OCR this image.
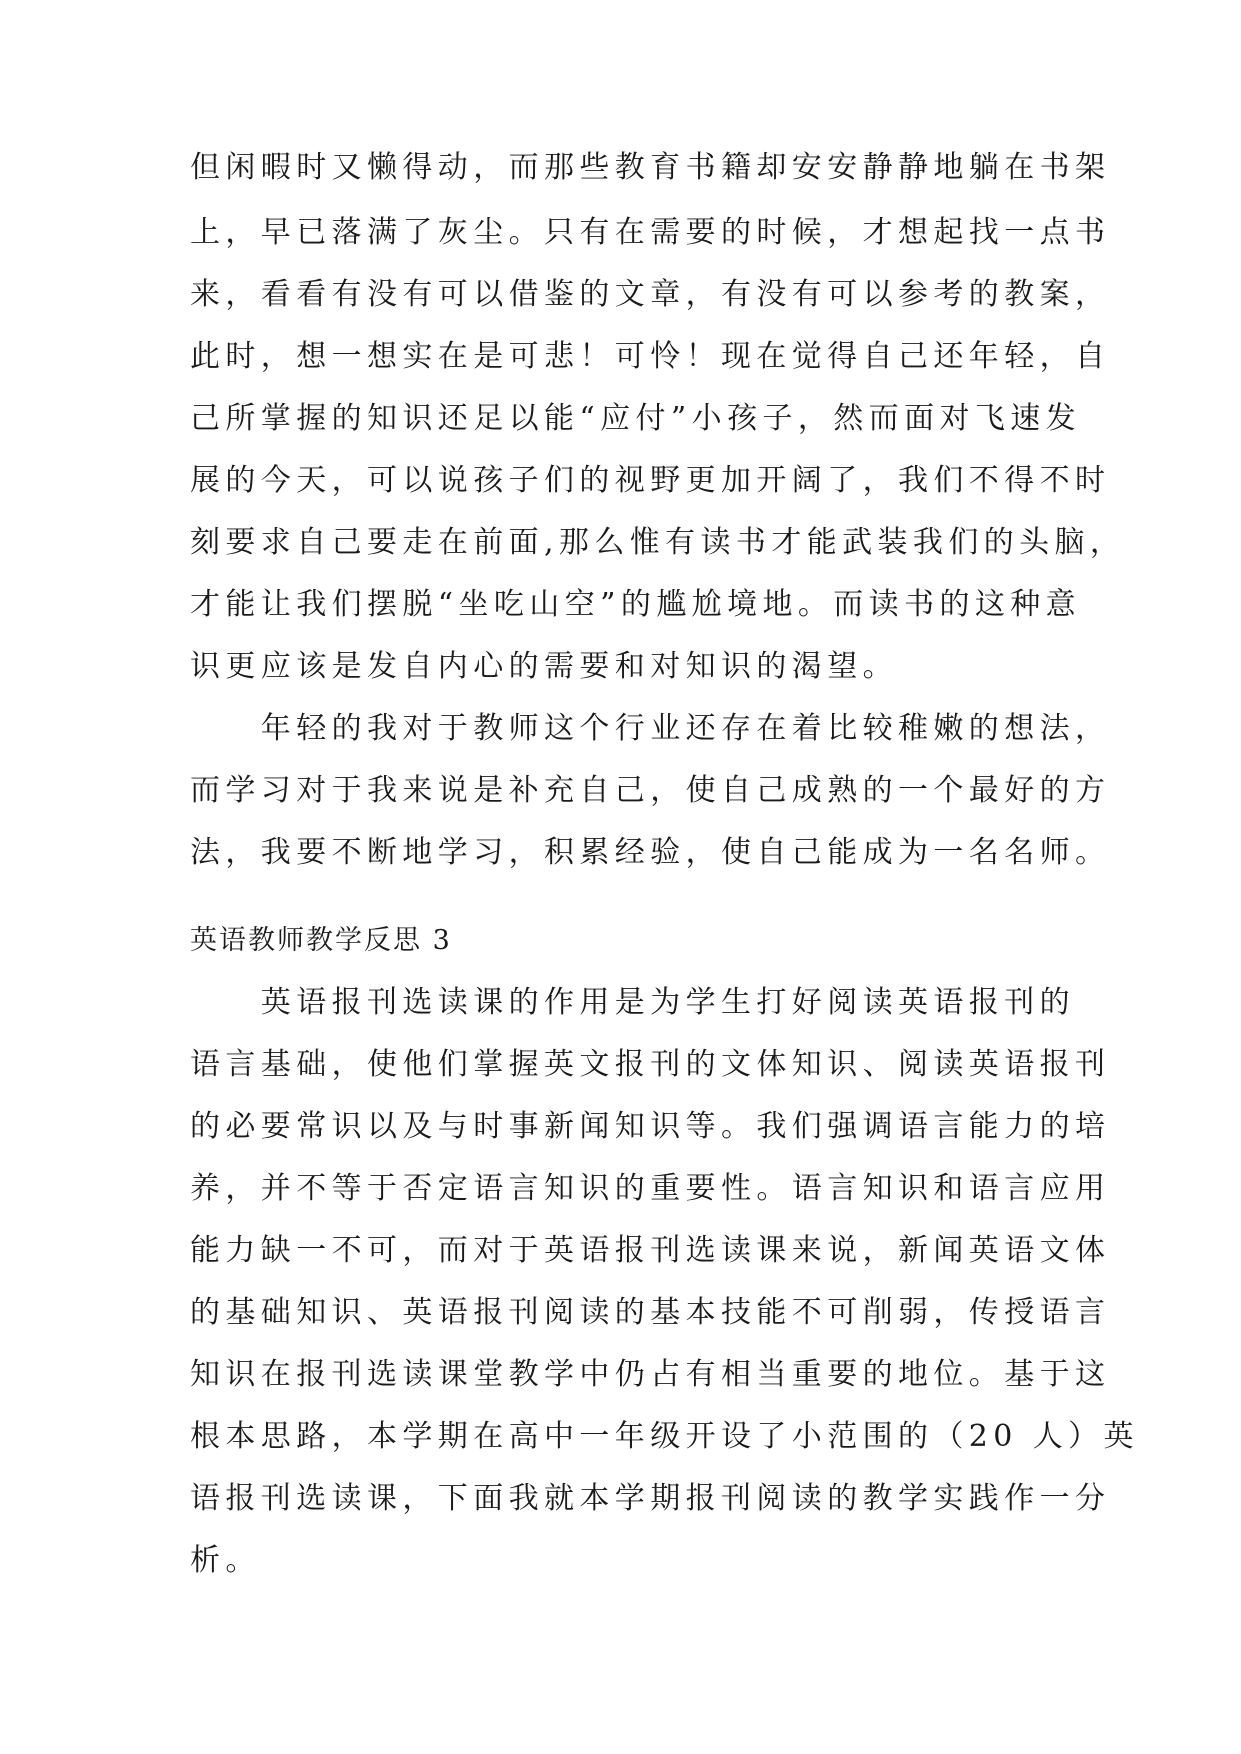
但闲暇时又懒得动，而那些教育书籍却安安静静地躺在书架
上，早已落满了灰尘。只有在需要的时候，才想起找一点书
来，看看有没有可以借鉴的文章，有没有可以参考的教案，
此时，想一想实在是可悲！可怜！现在觉得自己还年轻，自
己所掌握的知识还足以能“应付”小孩子，然而面对飞速发
展的今天，可以说孩子们的视野更加开阔了，我们不得不时
刻要求自己要走在前面,那么惟有读书才能武装我们的头脑，
才能让我们摆脱“坐吃山空”的尴尬境地。而读书的这种意
识更应该是发自内心的需要和对知识的渴望。
　　年轻的我对于教师这个行业还存在着比较稚嫩的想法，
而学习对于我来说是补充自己，使自己成熟的一个最好的方
法，我要不断地学习，积累经验，使自己能成为一名名师。
英语教师教学反思 3
　　英语报刊选读课的作用是为学生打好阅读英语报刊的
语言基础，使他们掌握英文报刊的文体知识、阅读英语报刊
的必要常识以及与时事新闻知识等。我们强调语言能力的培
养，并不等于否定语言知识的重要性。语言知识和语言应用
能力缺一不可，而对于英语报刊选读课来说，新闻英语文体
的基础知识、英语报刊阅读的基本技能不可削弱，传授语言
知识在报刊选读课堂教学中仍占有相当重要的地位。基于这
根本思路，本学期在高中一年级开设了小范围的（20 人）英
语报刊选读课，下面我就本学期报刊阅读的教学实践作一分
析。
